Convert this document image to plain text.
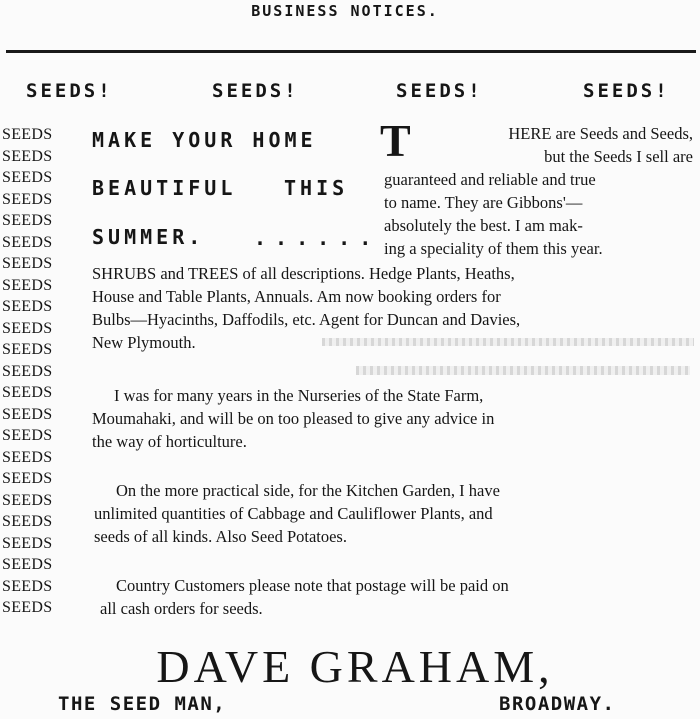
BUSINESS NOTICES.
SEEDS!	SEEDS!	SEEDS!	SEEDS!
SEEDS
SEEDS
SEEDS
SEEDS
SEEDS
SEEDS
SEEDS
SEEDS
SEEDS
SEEDS
SEEDS
SEEDS
SEEDS
SEEDS
SEEDS
SEEDS
SEEDS
SEEDS
SEEDS
SEEDS
SEEDS
SEEDS
SEEDS
MAKE YOUR HOME
BEAUTIFUL THIS
SUMMER. ......
T	HERE are Seeds and Seeds,
but the Seeds I sell are
guaranteed and reliable and true
to name. They are Gibbons'—
absolutely the best. I am mak-
ing a speciality of them this year.
SHRUBS and TREES of all descriptions. Hedge Plants, Heaths,
House and Table Plants, Annuals. Am now booking orders for
Bulbs—Hyacinths, Daffodils, etc. Agent for Duncan and Davies,
New Plymouth.
I was for many years in the Nurseries of the State Farm,
Moumahaki, and will be on too pleased to give any advice in
the way of horticulture.
On the more practical side, for the Kitchen Garden, I have
unlimited quantities of Cabbage and Cauliflower Plants, and
seeds of all kinds. Also Seed Potatoes.
Country Customers please note that postage will be paid on
all cash orders for seeds.
DAVE GRAHAM,
THE SEED MAN,	BROADWAY.
